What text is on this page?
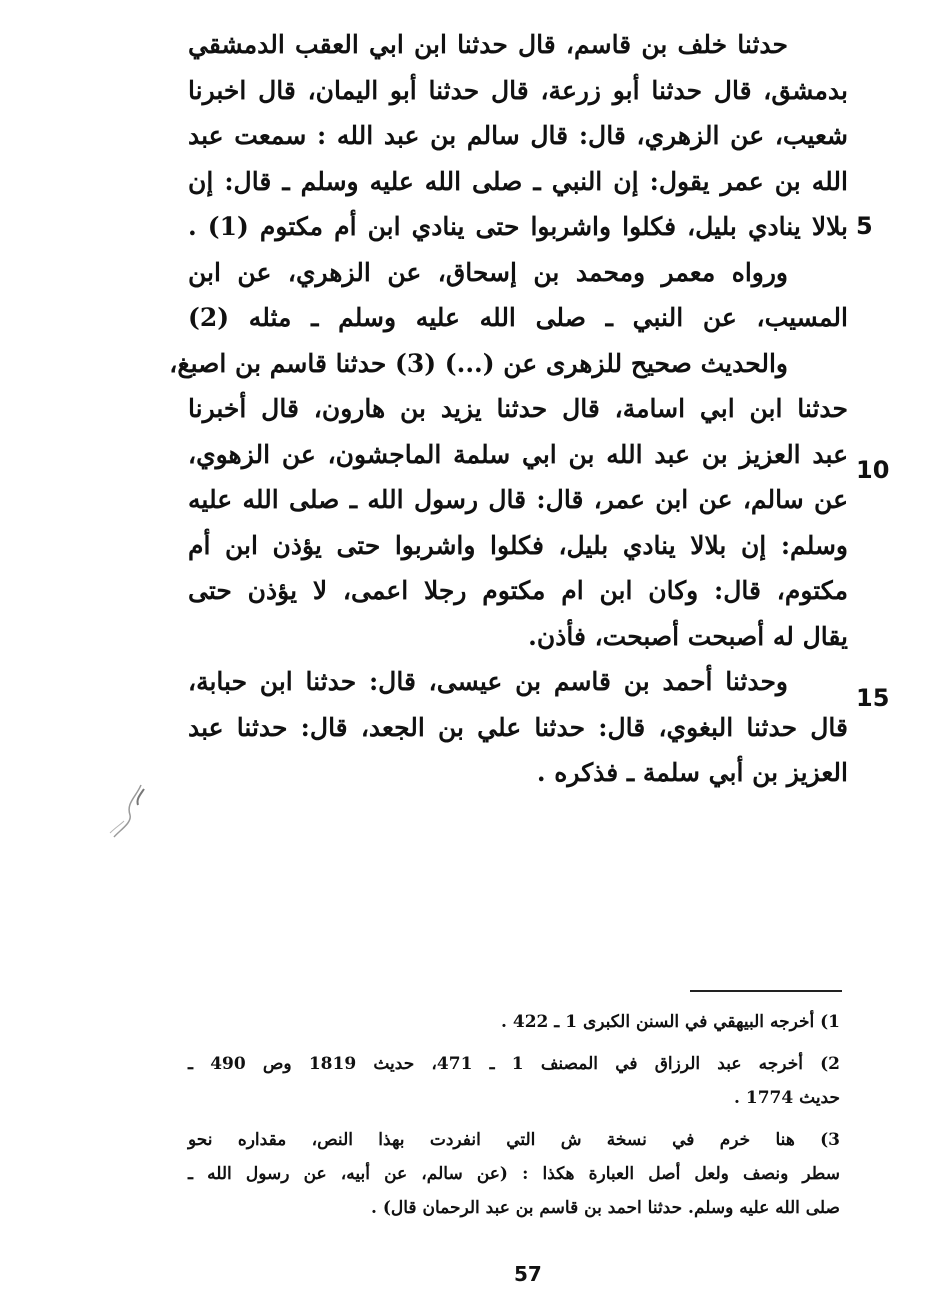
حدثنا خلف بن قاسم، قال حدثنا ابن ابي العقب الدمشقي
بدمشق، قال حدثنا أبو زرعة، قال حدثنا أبو اليمان، قال اخبرنا
شعيب، عن الزهري، قال: قال سالم بن عبد الله : سمعت عبد
الله بن عمر يقول: إن النبي ـ صلى الله عليه وسلم ـ قال: إن
بلالا ينادي بليل، فكلوا واشربوا حتى ينادي ابن أم مكتوم (1) .
ورواه معمر ومحمد بن إسحاق، عن الزهري، عن ابن
المسيب، عن النبي ـ صلى الله عليه وسلم ـ مثله (2)
والحديث صحيح للزهرى عن (...) (3) حدثنا قاسم بن اصبغ،
حدثنا ابن ابي اسامة، قال حدثنا يزيد بن هارون، قال أخبرنا
عبد العزيز بن عبد الله بن ابي سلمة الماجشون، عن الزهوي،
عن سالم، عن ابن عمر، قال: قال رسول الله ـ صلى الله عليه
وسلم: إن بلالا ينادي بليل، فكلوا واشربوا حتى يؤذن ابن أم
مكتوم، قال: وكان ابن ام مكتوم رجلا اعمى، لا يؤذن حتى
يقال له أصبحت أصبحت، فأذن.
وحدثنا أحمد بن قاسم بن عيسى، قال: حدثنا ابن حبابة،
قال حدثنا البغوي، قال: حدثنا علي بن الجعد، قال: حدثنا عبد
العزيز بن أبي سلمة ـ فذكره .
5
10
15
1) أخرجه البيهقي في السنن الكبرى 1 ـ 422 .
2) أخرجه عبد الرزاق في المصنف 1 ـ 471، حديث 1819 وص 490 ـ
حديث 1774 .
3) هنا خرم في نسخة ش التي انفردت بهذا النص، مقداره نحو
سطر ونصف ولعل أصل العبارة هكذا : (عن سالم، عن أبيه، عن رسول الله ـ
صلى الله عليه وسلم. حدثنا احمد بن قاسم بن عبد الرحمان قال) .
57
